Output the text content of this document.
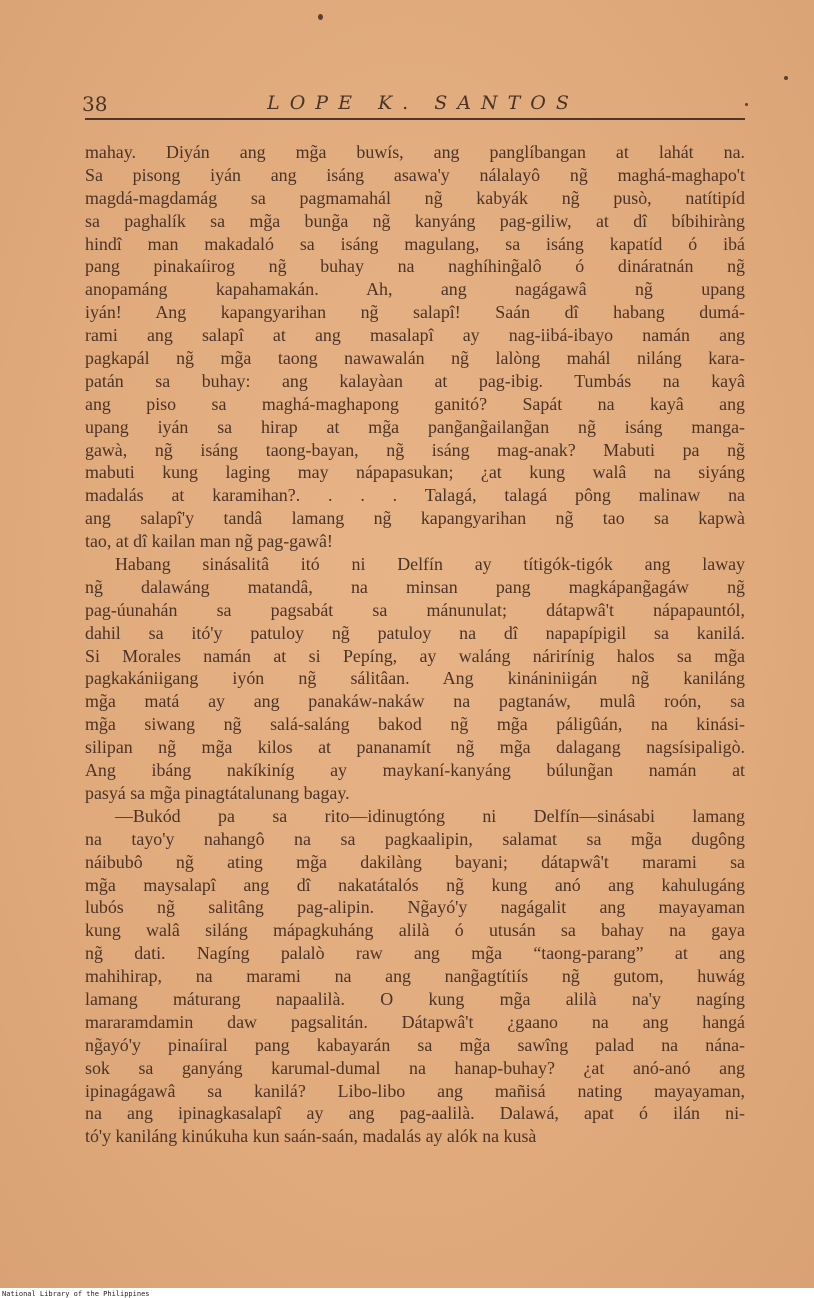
38	LOPE K. SANTOS
mahay. Diyán ang mg̃a buwís, ang panglíbangan at lahát na.
Sa pisong iyán ang isáng asawa'y nálalayô ng̃ maghá-maghapo't
magdá-magdamág sa pagmamahál ng̃ kabyák ng̃ pusò, natítipíd
sa paghalík sa mg̃a bung̃a ng̃ kanyáng pag-giliw, at dî bíbihiràng
hindî man makadaló sa isáng magulang, sa isáng kapatíd ó ibá
pang pinakaíirog ng̃ buhay na naghíhing̃alô ó dináratnán ng̃
anopamáng kapahamakán. Ah, ang nagágawâ ng̃ upang
iyán! Ang kapangyarihan ng̃ salapî! Saán dî habang dumá-
rami ang salapî at ang masalapî ay nag-iibá-ibayo namán ang
pagkapál ng̃ mg̃a taong nawawalán ng̃ lalòng mahál niláng kara-
patán sa buhay: ang kalayàan at pag-ibig. Tumbás na kayâ
ang piso sa maghá-maghapong ganitó? Sapát na kayâ ang
upang iyán sa hirap at mg̃a pang̃ang̃ailang̃an ng̃ isáng manga-
gawà, ng̃ isáng taong-bayan, ng̃ isáng mag-anak? Mabuti pa ng̃
mabuti kung laging may nápapasukan; ¿at kung walâ na siyáng
madalás at karamihan?. . . . Talagá, talagá pông malinaw na
ang salapî'y tandâ lamang ng̃ kapangyarihan ng̃ tao sa kapwà
tao, at dî kailan man ng̃ pag-gawâ!
Habang sinásalitâ itó ni Delfín ay títigók-tigók ang laway
ng̃ dalawáng matandâ, na minsan pang magkápang̃agáw ng̃
pag-úunahán sa pagsabát sa mánunulat; dátapwâ't nápapauntól,
dahil sa itó'y patuloy ng̃ patuloy na dî napapípigil sa kanilá.
Si Morales namán at si Pepíng, ay waláng nárirínig halos sa mg̃a
pagkakániigang iyón ng̃ sálitâan. Ang kinániniigán ng̃ kaniláng
mg̃a matá ay ang panakáw-nakáw na pagtanáw, mulâ roón, sa
mg̃a siwang ng̃ salá-saláng bakod ng̃ mg̃a páligûán, na kinási-
silipan ng̃ mg̃a kilos at pananamít ng̃ mg̃a dalagang nagsísipaligò.
Ang ibáng nakíkiníg ay maykaní-kanyáng búlung̃an namán at
pasyá sa mg̃a pinagtátalunang bagay.
—Bukód pa sa rito—idinugtóng ni Delfín—sinásabi lamang
na tayo'y nahangô na sa pagkaalipin, salamat sa mg̃a dugông
náibubô ng̃ ating mg̃a dakilàng bayani; dátapwâ't marami sa
mg̃a maysalapî ang dî nakatátalós ng̃ kung anó ang kahulugáng
lubós ng̃ salitâng pag-alipin. Ng̃ayó'y nagágalit ang mayayaman
kung walâ siláng mápagkuháng alilà ó utusán sa bahay na gaya
ng̃ dati. Nagíng palalò raw ang mg̃a “taong-parang” at ang
mahihirap, na marami na ang nang̃agtítiís ng̃ gutom, huwág
lamang máturang napaalilà. O kung mg̃a alilà na'y nagíng
mararamdamin daw pagsalitán. Dátapwâ't ¿gaano na ang hangá
ng̃ayó'y pinaíiral pang kabayarán sa mg̃a sawîng palad na nána-
sok sa ganyáng karumal-dumal na hanap-buhay? ¿at anó-anó ang
ipinagágawâ sa kanilá? Libo-libo ang mañisá nating mayayaman,
na ang ipinagkasalapî ay ang pag-aalilà. Dalawá, apat ó ilán ni-
tó'y kaniláng kinúkuha kun saán-saán, madalás ay alók na kusà
National Library of the Philippines
